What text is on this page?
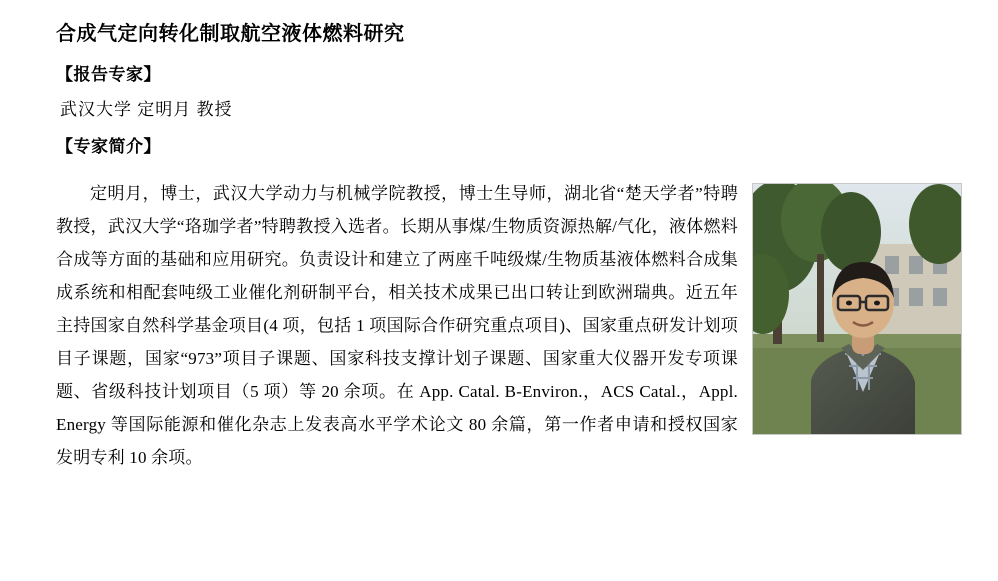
合成气定向转化制取航空液体燃料研究
【报告专家】
武汉大学 定明月 教授
【专家简介】

定明月，博士，武汉大学动力与机械学院教授，博士生导师，湖北省“楚天学者”特聘教授，武汉大学“珞珈学者”特聘教授入选者。长期从事煤/生物质资源热解/气化，液体燃料合成等方面的基础和应用研究。负责设计和建立了两座千吨级煤/生物质基液体燃料合成集成系统和相配套吨级工业催化剂研制平台，相关技术成果已出口转让到欧洲瑞典。近五年主持国家自然科学基金项目(4 项，包括 1 项国际合作研究重点项目)、国家重点研发计划项目子课题，国家“973”项目子课题、国家科技支撑计划子课题、国家重大仪器开发专项课题、省级科技计划项目（5 项）等 20 余项。在 App. Catal. B-Environ.，ACS Catal.，Appl. Energy 等国际能源和催化杂志上发表高水平学术论文 80 余篇，第一作者申请和授权国家发明专利 10 余项。
